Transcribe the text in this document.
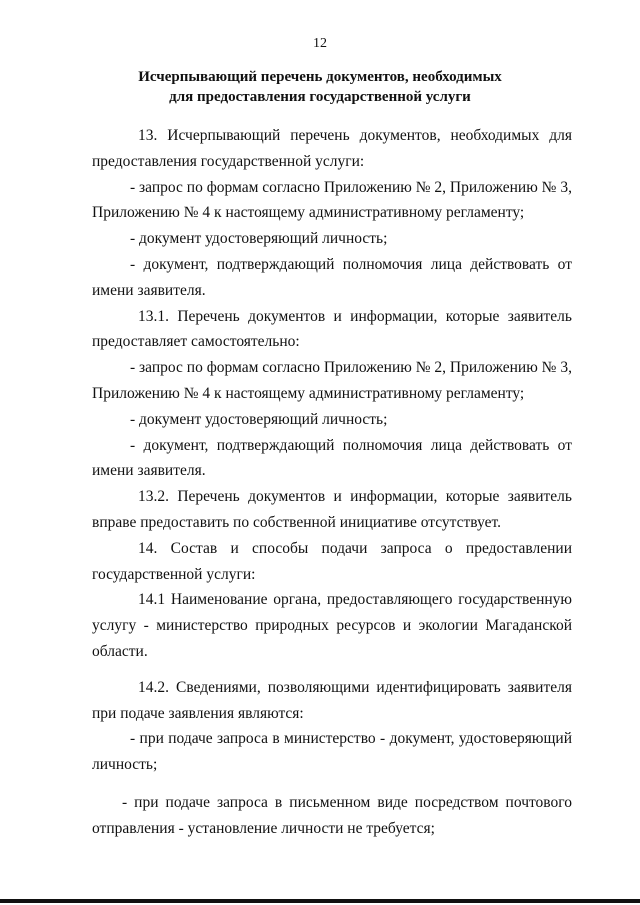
12
Исчерпывающий перечень документов, необходимых
для предоставления государственной услуги

13. Исчерпывающий перечень документов, необходимых для предоставления государственной услуги:

- запрос по формам согласно Приложению № 2, Приложению № 3, Приложению № 4 к настоящему административному регламенту;

- документ удостоверяющий личность;

- документ, подтверждающий полномочия лица действовать от имени заявителя.

13.1. Перечень документов и информации, которые заявитель предоставляет самостоятельно:

- запрос по формам согласно Приложению № 2, Приложению № 3, Приложению № 4 к настоящему административному регламенту;

- документ удостоверяющий личность;

- документ, подтверждающий полномочия лица действовать от имени заявителя.

13.2. Перечень документов и информации, которые заявитель вправе предоставить по собственной инициативе отсутствует.

14. Состав и способы подачи запроса о предоставлении государственной услуги:

14.1 Наименование органа, предоставляющего государственную услугу - министерство природных ресурсов и экологии Магаданской области.

14.2. Сведениями, позволяющими идентифицировать заявителя при подаче заявления являются:

- при подаче запроса в министерство - документ, удостоверяющий личность;

- при подаче запроса в письменном виде посредством почтового отправления - установление личности не требуется;
